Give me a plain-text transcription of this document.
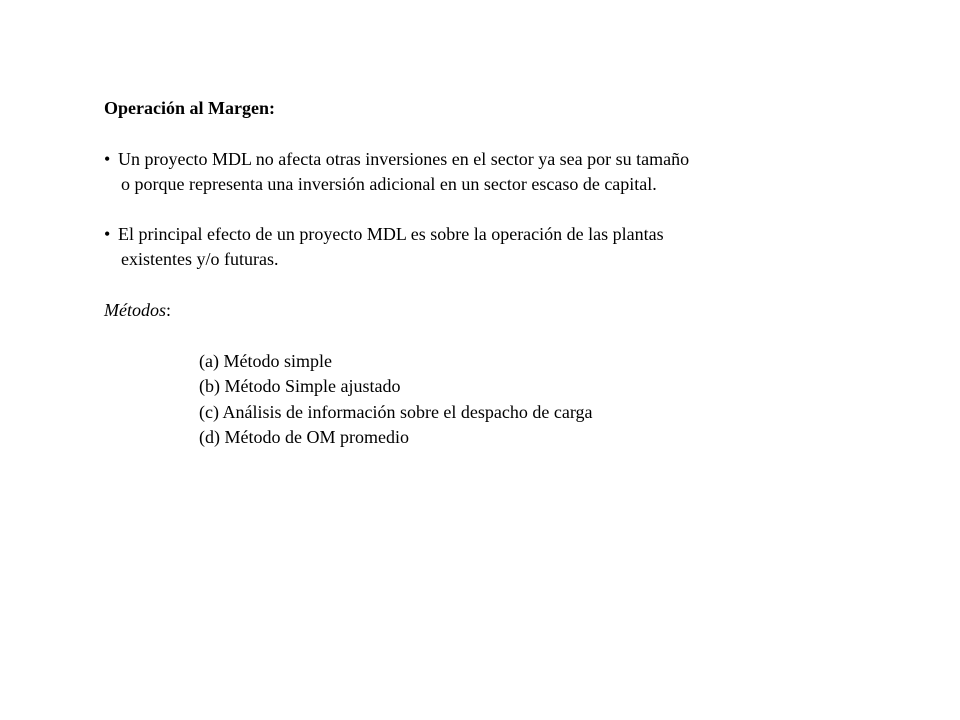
Operación al Margen:
• Un proyecto MDL no afecta otras inversiones en el sector ya sea por su tamaño
o porque representa una inversión adicional en un sector escaso de capital.
• El principal efecto de un proyecto MDL es sobre la operación de las plantas
existentes y/o futuras.
Métodos:
(a) Método simple
(b) Método Simple ajustado
(c) Análisis de información sobre el despacho de carga
(d) Método de OM promedio
